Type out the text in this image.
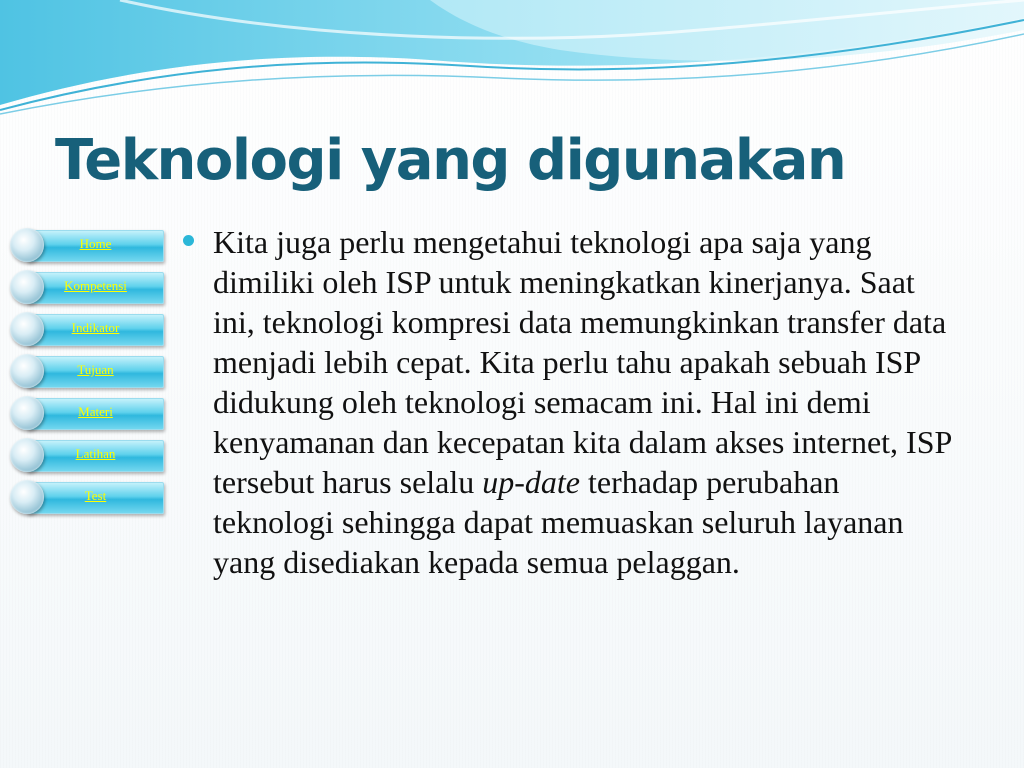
Teknologi yang digunakan
Home
Kompetensi
Indikator
Tujuan
Materi
Latihan
Test

Kita juga perlu mengetahui teknologi apa saja yang dimiliki oleh ISP untuk meningkatkan kinerjanya. Saat ini, teknologi kompresi data memungkinkan transfer data menjadi lebih cepat. Kita perlu tahu apakah sebuah ISP didukung oleh teknologi semacam ini. Hal ini demi kenyamanan dan kecepatan kita dalam akses internet, ISP tersebut harus selalu up-date terhadap perubahan teknologi sehingga dapat memuaskan seluruh layanan yang disediakan kepada semua pelaggan.
